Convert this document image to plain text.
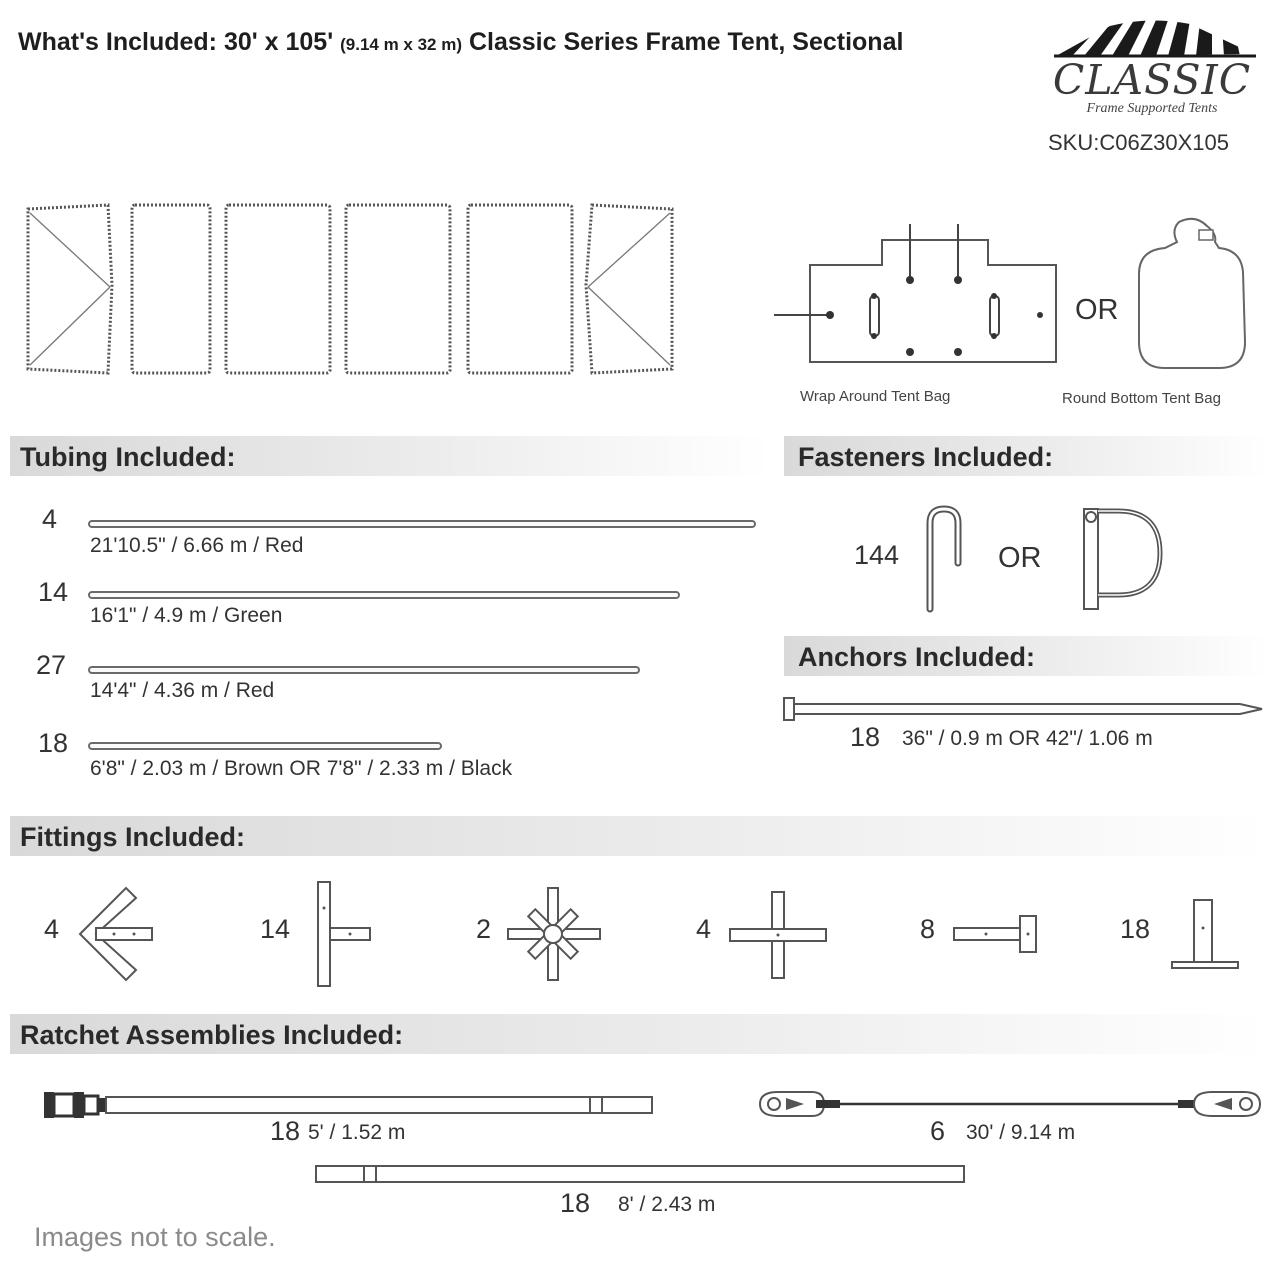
What's Included: 30' x 105' (9.14 m x 32 m) Classic Series Frame Tent, Sectional
CLASSIC
Frame Supported Tents
SKU:C06Z30X105
Wrap Around Tent Bag
OR
Round Bottom Tent Bag
Tubing Included:
4
21'10.5" / 6.66 m / Red
14
16'1" / 4.9 m / Green
27
14'4" / 4.36 m / Red
18
6'8" / 2.03 m / Brown OR 7'8" / 2.33 m / Black
Fasteners Included:
144	OR
Anchors Included:
18 36" / 0.9 m OR 42"/ 1.06 m
Fittings Included:
4	14	2	4	8	18
Ratchet Assemblies Included:
18 5' / 1.52 m	6 30' / 9.14 m
18 8' / 2.43 m
Images not to scale.
